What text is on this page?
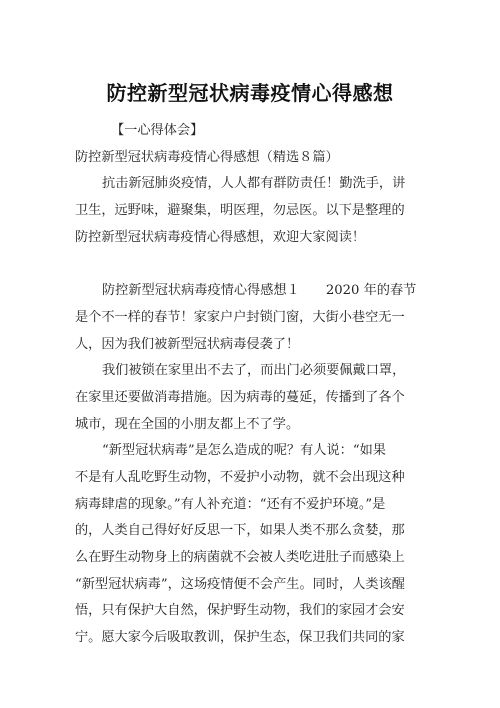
防控新型冠状病毒疫情心得感想
【一心得体会】
防控新型冠状病毒疫情心得感想（精选８篇）
抗击新冠肺炎疫情，人人都有群防责任！勤洗手，讲
卫生，远野味，避聚集，明医理，勿忌医。以下是整理的
防控新型冠状病毒疫情心得感想，欢迎大家阅读！
防控新型冠状病毒疫情心得感想１ 2020 年的春节
是个不一样的春节！家家户户封锁门窗，大街小巷空无一
人，因为我们被新型冠状病毒侵袭了！
我们被锁在家里出不去了，而出门必须要佩戴口罩，
在家里还要做消毒措施。因为病毒的蔓延，传播到了各个
城市，现在全国的小朋友都上不了学。
“新型冠状病毒”是怎么造成的呢？有人说：“如果
不是有人乱吃野生动物，不爱护小动物，就不会出现这种
病毒肆虐的现象。”有人补充道：“还有不爱护环境。”是
的，人类自己得好好反思一下，如果人类不那么贪婪，那
么在野生动物身上的病菌就不会被人类吃进肚子而感染上
“新型冠状病毒”，这场疫情便不会产生。同时，人类该醒
悟，只有保护大自然，保护野生动物，我们的家园才会安
宁。愿大家今后吸取教训，保护生态，保卫我们共同的家
